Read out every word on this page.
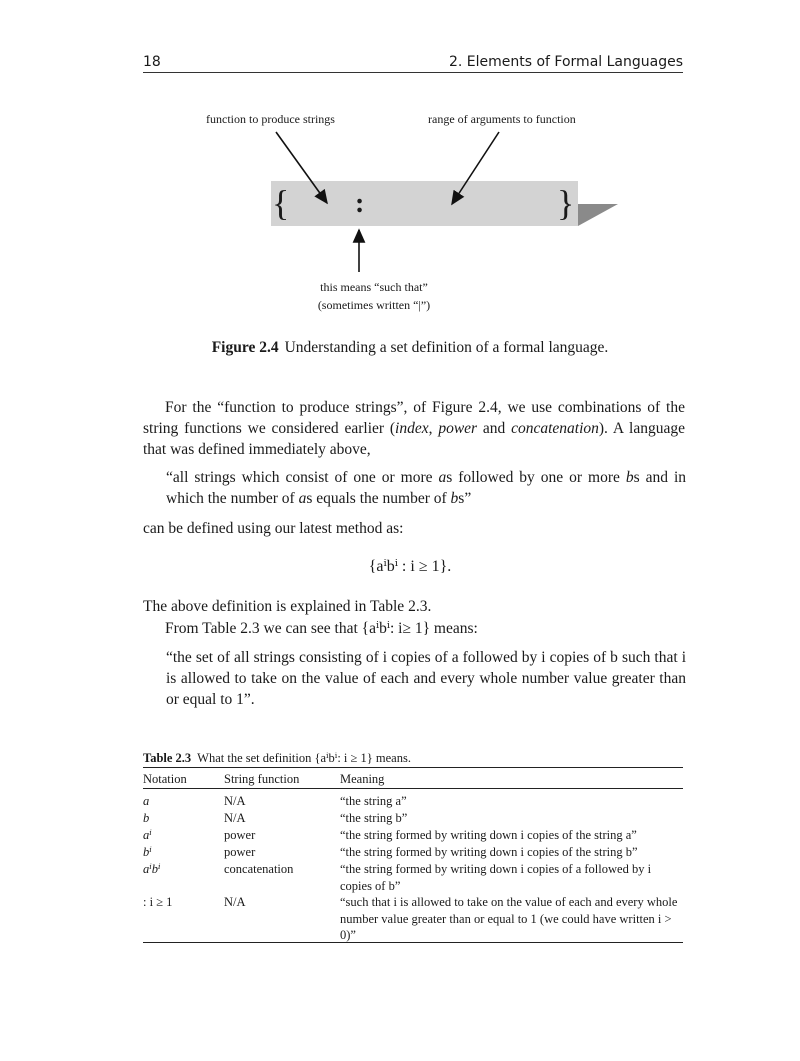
18	2. Elements of Formal Languages
{	}
:
function to produce strings	range of arguments to function
this means “such that”
(sometimes written “|”)
Figure 2.4 Understanding a set definition of a formal language.
For the “function to produce strings”, of Figure 2.4, we use combinations of the string functions we considered earlier (index, power and concatenation). A language that was defined immediately above,
“all strings which consist of one or more as followed by one or more bs and in which the number of as equals the number of bs”
can be defined using our latest method as:
{aⁱbⁱ : i ≥ 1}.
The above definition is explained in Table 2.3.
From Table 2.3 we can see that {aⁱbⁱ: i≥ 1} means:
“the set of all strings consisting of i copies of a followed by i copies of b such that i is allowed to take on the value of each and every whole number value greater than or equal to 1”.
Table 2.3 What the set definition {aⁱbⁱ: i ≥ 1} means.
Notation	String function	Meaning
a	N/A	“the string a”
b	N/A	“the string b”
aⁱ	power	“the string formed by writing down i copies of the string a”
bⁱ	power	“the string formed by writing down i copies of the string b”
aⁱbⁱ	concatenation	“the string formed by writing down i copies of a followed by i copies of b”
: i ≥ 1	N/A	“such that i is allowed to take on the value of each and every whole number value greater than or equal to 1 (we could have written i > 0)”
